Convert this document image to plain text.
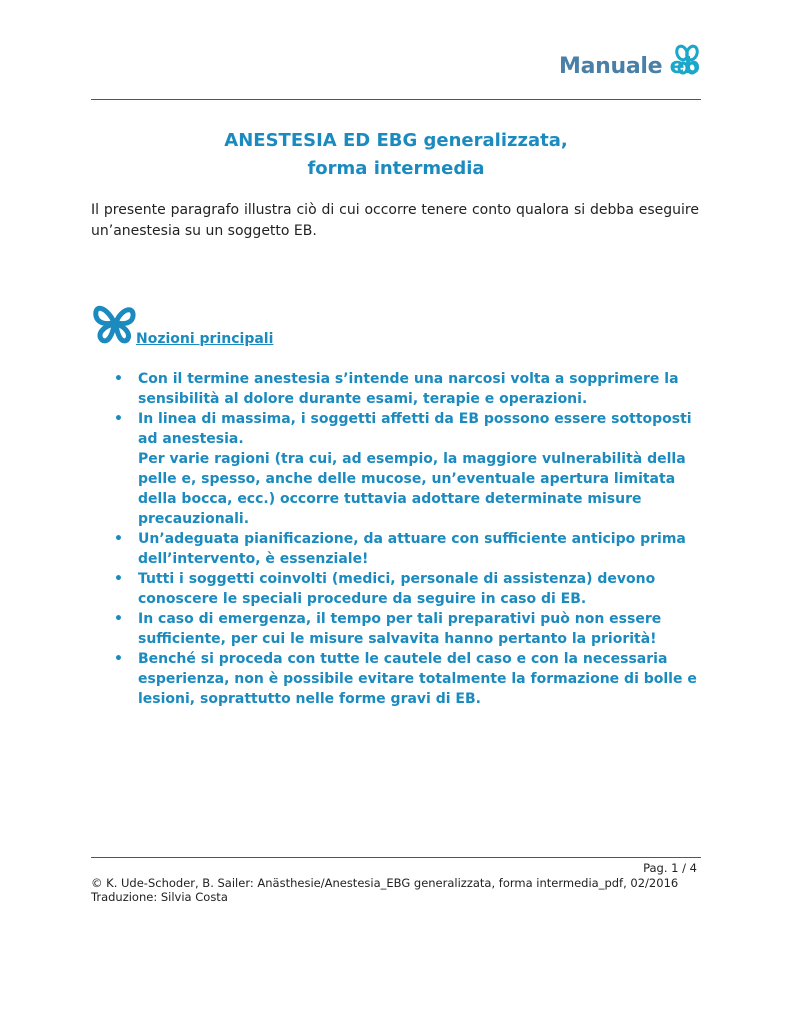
Manuale eb
ANESTESIA ED EBG generalizzata,
forma intermedia

Il presente paragrafo illustra ciò di cui occorre tenere conto qualora si debba eseguire un’anestesia su un soggetto EB.

Nozioni principali
• Con il termine anestesia s’intende una narcosi volta a sopprimere la sensibilità al dolore durante esami, terapie e operazioni.
• In linea di massima, i soggetti affetti da EB possono essere sottoposti ad anestesia.
Per varie ragioni (tra cui, ad esempio, la maggiore vulnerabilità della pelle e, spesso, anche delle mucose, un’eventuale apertura limitata della bocca, ecc.) occorre tuttavia adottare determinate misure precauzionali.
• Un’adeguata pianificazione, da attuare con sufficiente anticipo prima dell’intervento, è essenziale!
• Tutti i soggetti coinvolti (medici, personale di assistenza) devono conoscere le speciali procedure da seguire in caso di EB.
• In caso di emergenza, il tempo per tali preparativi può non essere sufficiente, per cui le misure salvavita hanno pertanto la priorità!
• Benché si proceda con tutte le cautele del caso e con la necessaria esperienza, non è possibile evitare totalmente la formazione di bolle e lesioni, soprattutto nelle forme gravi di EB.
Pag. 1 / 4
© K. Ude-Schoder, B. Sailer: Anästhesie/Anestesia_EBG generalizzata, forma intermedia_pdf, 02/2016
Traduzione: Silvia Costa
